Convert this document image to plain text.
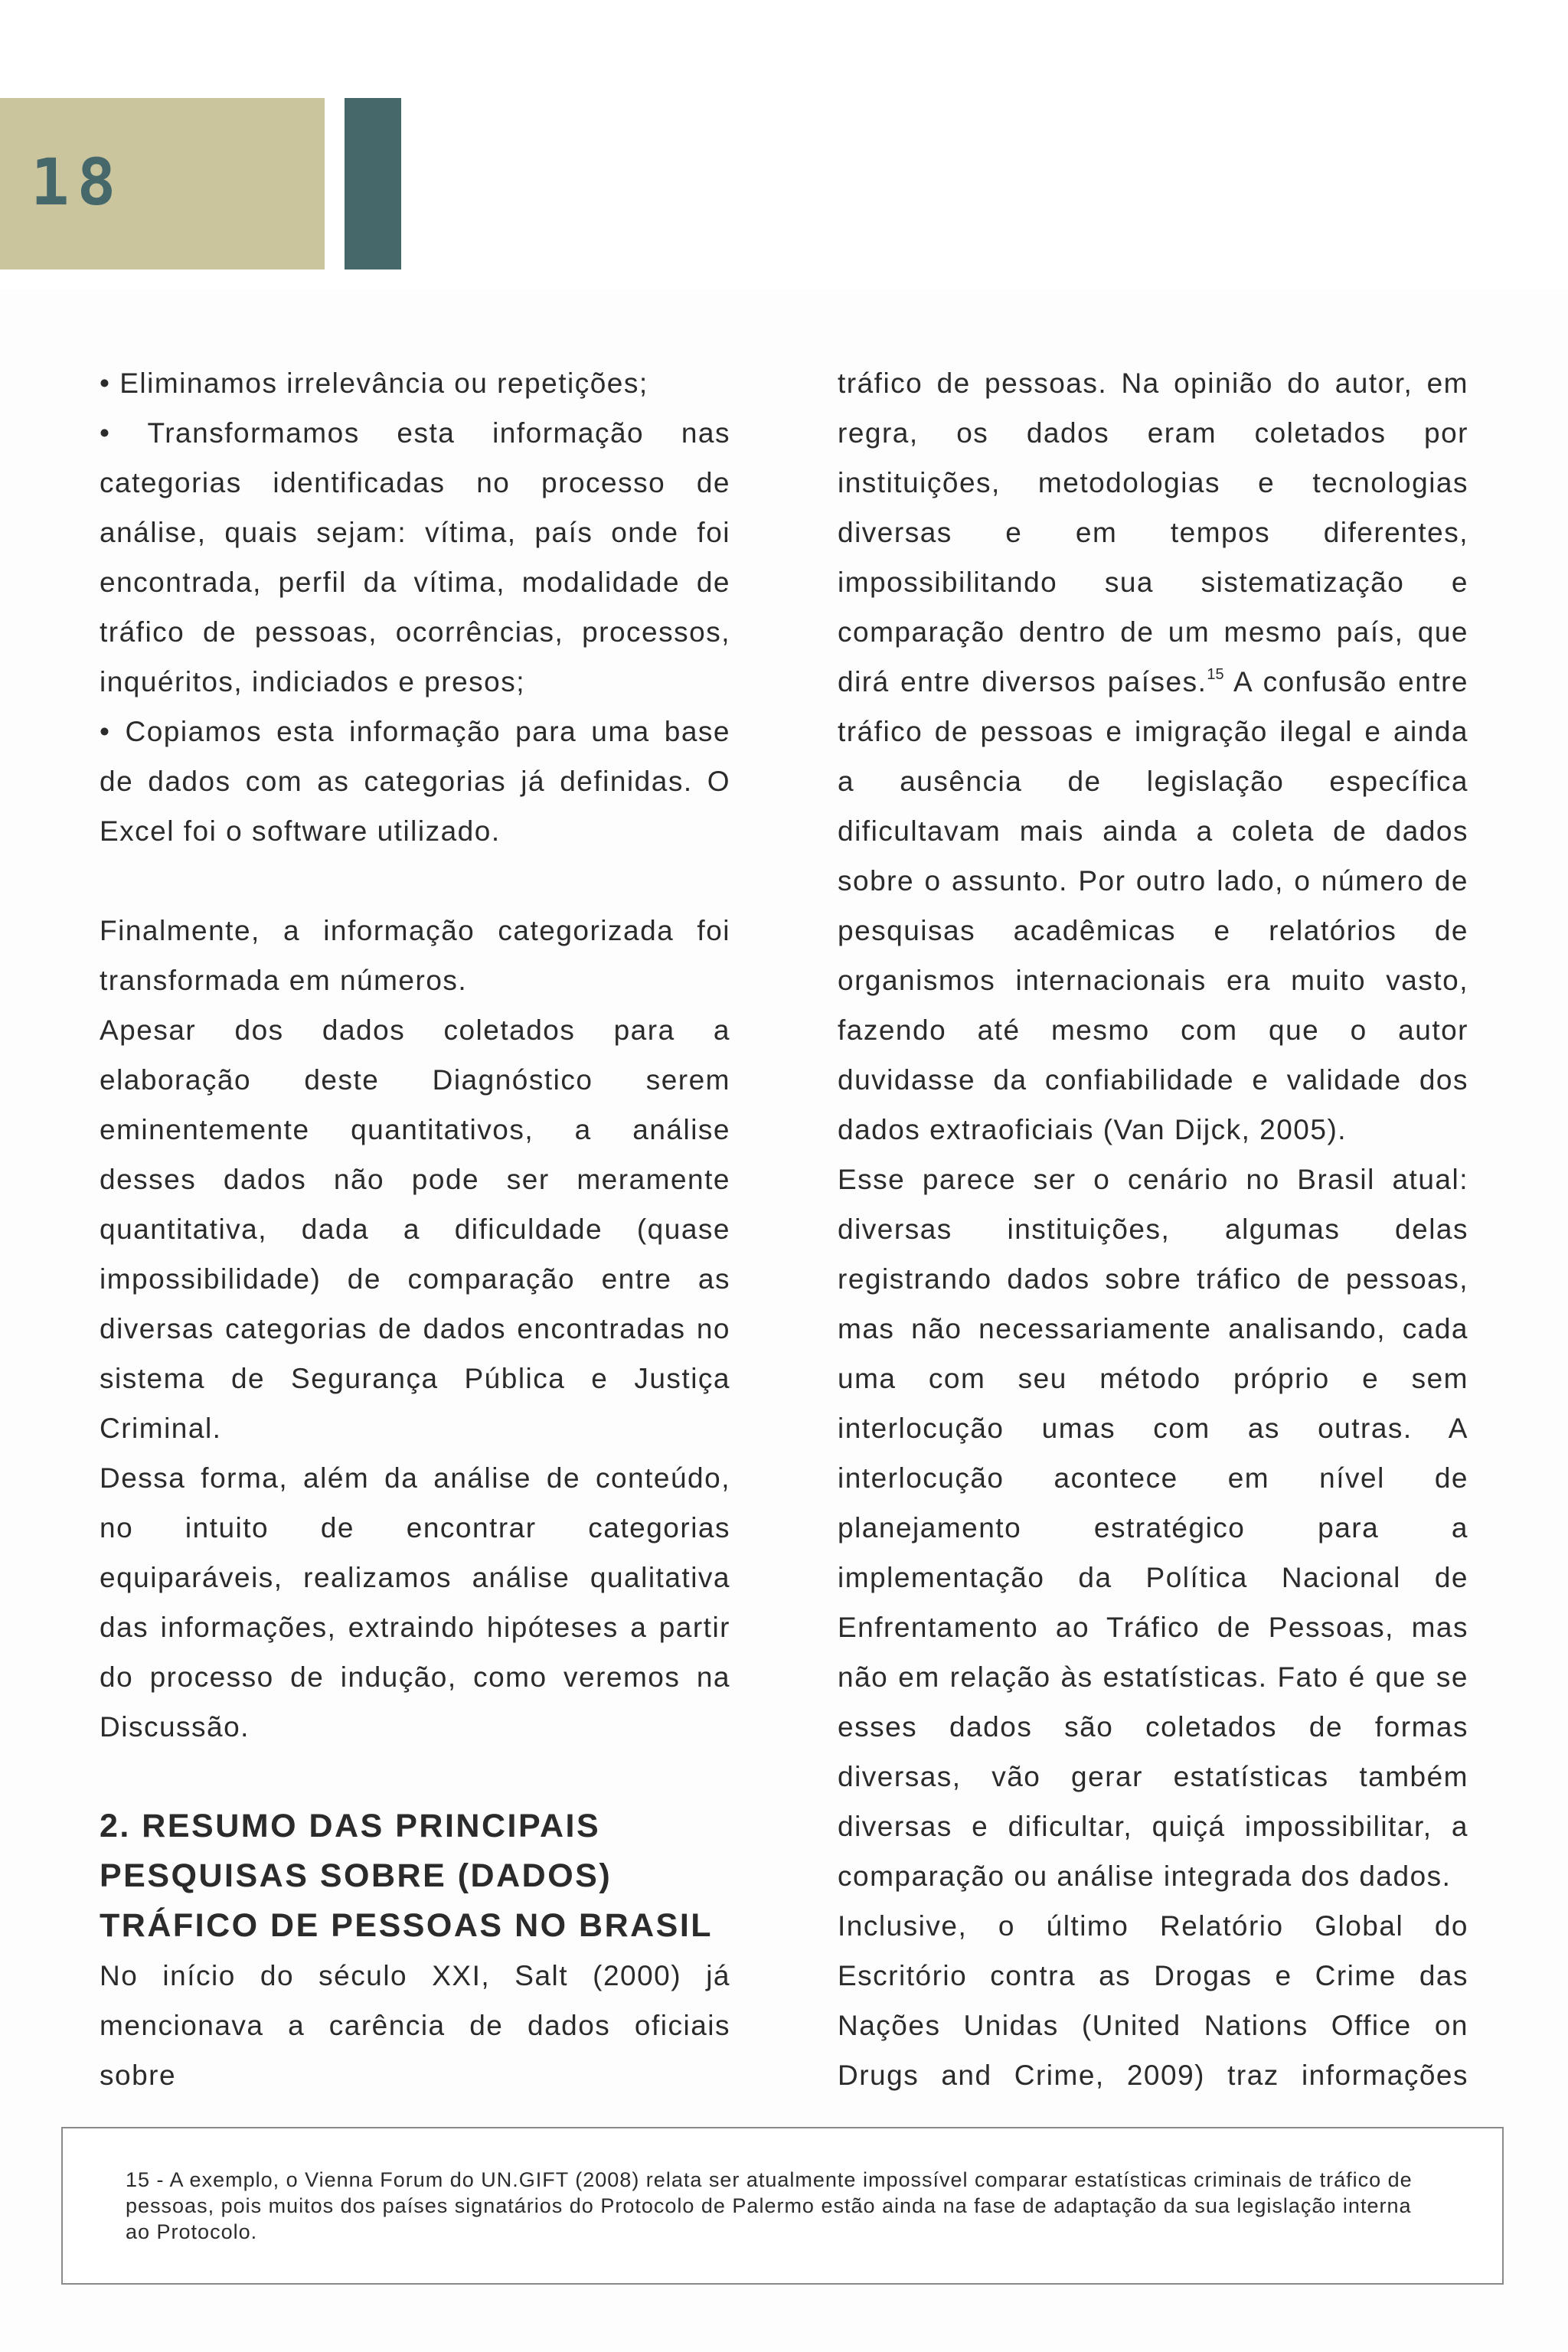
18

• Eliminamos irrelevância ou repetições;

• Transformamos esta informação nas categorias identificadas no processo de análise, quais sejam: vítima, país onde foi encontrada, perfil da vítima, modalidade de tráfico de pessoas, ocorrências, processos, inquéritos, indiciados e presos;

• Copiamos esta informação para uma base de dados com as categorias já definidas. O Excel foi o software utilizado.

Finalmente, a informação categorizada foi transformada em números.

Apesar dos dados coletados para a elaboração deste Diagnóstico serem eminentemente quantitativos, a análise desses dados não pode ser meramente quantitativa, dada a dificuldade (quase impossibilidade) de comparação entre as diversas categorias de dados encontradas no sistema de Segurança Pública e Justiça Criminal.

Dessa forma, além da análise de conteúdo, no intuito de encontrar categorias equiparáveis, realizamos análise qualitativa das informações, extraindo hipóteses a partir do processo de indução, como veremos na Discussão.

2. RESUMO DAS PRINCIPAIS PESQUISAS SOBRE (DADOS) TRÁFICO DE PESSOAS NO BRASIL

No início do século XXI, Salt (2000) já mencionava a carência de dados oficiais sobre

tráfico de pessoas. Na opinião do autor, em regra, os dados eram coletados por instituições, metodologias e tecnologias diversas e em tempos diferentes, impossibilitando sua sistematização e comparação dentro de um mesmo país, que dirá entre diversos países.$^{15}$ A confusão entre tráfico de pessoas e imigração ilegal e ainda a ausência de legislação específica dificultavam mais ainda a coleta de dados sobre o assunto. Por outro lado, o número de pesquisas acadêmicas e relatórios de organismos internacionais era muito vasto, fazendo até mesmo com que o autor duvidasse da confiabilidade e validade dos dados extraoficiais (Van Dijck, 2005).

Esse parece ser o cenário no Brasil atual: diversas instituições, algumas delas registrando dados sobre tráfico de pessoas, mas não necessariamente analisando, cada uma com seu método próprio e sem interlocução umas com as outras. A interlocução acontece em nível de planejamento estratégico para a implementação da Política Nacional de Enfrentamento ao Tráfico de Pessoas, mas não em relação às estatísticas. Fato é que se esses dados são coletados de formas diversas, vão gerar estatísticas também diversas e dificultar, quiçá impossibilitar, a comparação ou análise integrada dos dados.

Inclusive, o último Relatório Global do Escritório contra as Drogas e Crime das Nações Unidas (United Nations Office on Drugs and Crime, 2009) traz informações

15 - A exemplo, o Vienna Forum do UN.GIFT (2008) relata ser atualmente impossível comparar estatísticas criminais de tráfico de pessoas, pois muitos dos países signatários do Protocolo de Palermo estão ainda na fase de adaptação da sua legislação interna ao Protocolo.
